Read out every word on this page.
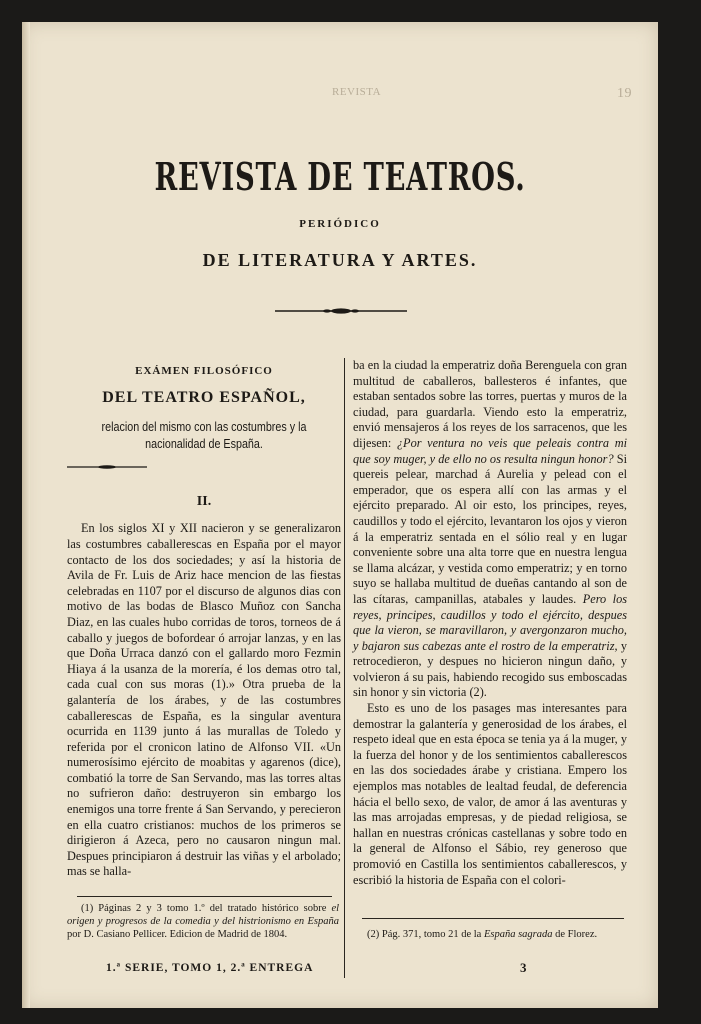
REVISTA	19
REVISTA DE TEATROS.
PERIÓDICO
DE LITERATURA Y ARTES.
EXÁMEN FILOSÓFICO
DEL TEATRO ESPAÑOL,
relacion del mismo con las costumbres y la nacionalidad de España.
II.

En los siglos XI y XII nacieron y se generalizaron las costumbres caballerescas en España por el mayor contacto de los dos sociedades; y así la historia de Avila de Fr. Luis de Ariz hace mencion de las fiestas celebradas en 1107 por el discurso de algunos dias con motivo de las bodas de Blasco Muñoz con Sancha Diaz, en las cuales hubo corridas de toros, torneos de á caballo y juegos de bofordear ó arrojar lanzas, y en las que Doña Urraca danzó con el gallardo moro Fezmin Hiaya á la usanza de la morería, é los demas otro tal, cada cual con sus moras (1).» Otra prueba de la galantería de los árabes, y de las costumbres caballerescas de España, es la singular aventura ocurrida en 1139 junto á las murallas de Toledo y referida por el cronicon latino de Alfonso VII. «Un numerosísimo ejército de moabitas y agarenos (dice), combatió la torre de San Servando, mas las torres altas no sufrieron daño: destruyeron sin embargo los enemigos una torre frente á San Servando, y perecieron en ella cuatro cristianos: muchos de los primeros se dirigieron á Azeca, pero no causaron ningun mal. Despues principiaron á destruir las viñas y el arbolado; mas se halla-

ba en la ciudad la emperatriz doña Berenguela con gran multitud de caballeros, ballesteros é infantes, que estaban sentados sobre las torres, puertas y muros de la ciudad, para guardarla. Viendo esto la emperatriz, envió mensajeros á los reyes de los sarracenos, que les dijesen: ¿Por ventura no veis que peleais contra mi que soy muger, y de ello no os resulta ningun honor? Si quereis pelear, marchad á Aurelia y pelead con el emperador, que os espera allí con las armas y el ejército preparado. Al oir esto, los principes, reyes, caudillos y todo el ejército, levantaron los ojos y vieron á la emperatriz sentada en el sólio real y en lugar conveniente sobre una alta torre que en nuestra lengua se llama alcázar, y vestida como emperatriz; y en torno suyo se hallaba multitud de dueñas cantando al son de las cítaras, campanillas, atabales y laudes. Pero los reyes, principes, caudillos y todo el ejército, despues que la vieron, se maravillaron, y avergonzaron mucho, y bajaron sus cabezas ante el rostro de la emperatriz, y retrocedieron, y despues no hicieron ningun daño, y volvieron á su pais, habiendo recogido sus emboscadas sin honor y sin victoria (2).

Esto es uno de los pasages mas interesantes para demostrar la galantería y generosidad de los árabes, el respeto ideal que en esta época se tenia ya á la muger, y la fuerza del honor y de los sentimientos caballerescos en las dos sociedades árabe y cristiana. Empero los ejemplos mas notables de lealtad feudal, de deferencia hácia el bello sexo, de valor, de amor á las aventuras y las mas arrojadas empresas, y de piedad religiosa, se hallan en nuestras crónicas castellanas y sobre todo en la general de Alfonso el Sábio, rey generoso que promovió en Castilla los sentimientos caballerescos, y escribió la historia de España con el colori-

(1) Páginas 2 y 3 tomo 1.º del tratado histórico sobre el origen y progresos de la comedia y del histrionismo en España por D. Casiano Pellicer. Edicion de Madrid de 1804.	(2) Pág. 371, tomo 21 de la España sagrada de Florez.

1.ª SERIE, TOMO 1, 2.ª ENTREGA	3
